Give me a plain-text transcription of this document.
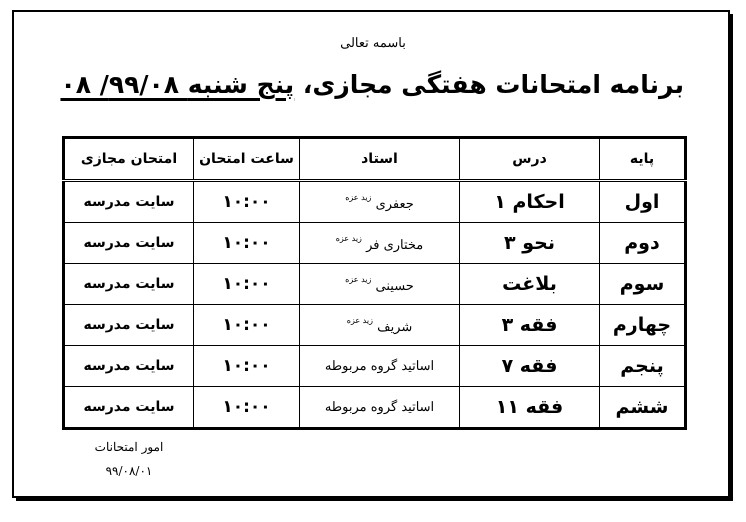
باسمه تعالی
برنامه امتحانات هفتگی مجازی، پنج شنبه ۹۹/۰۸/ ۰۸
پایه	درس	استاد	ساعت امتحان	امتحان مجازی
اول	احکام ۱	جعفری $^{زید عزه}$	۱۰:۰۰	سایت مدرسه
دوم	نحو ۳	مختاری فر $^{زید عزه}$	۱۰:۰۰	سایت مدرسه
سوم	بلاغت	حسینی $^{زید عزه}$	۱۰:۰۰	سایت مدرسه
چهارم	فقه ۳	شریف $^{زید عزه}$	۱۰:۰۰	سایت مدرسه
پنجم	فقه ۷	اساتید گروه مربوطه	۱۰:۰۰	سایت مدرسه
ششم	فقه ۱۱	اساتید گروه مربوطه	۱۰:۰۰	سایت مدرسه
امور امتحانات
۹۹/۰۸/۰۱
